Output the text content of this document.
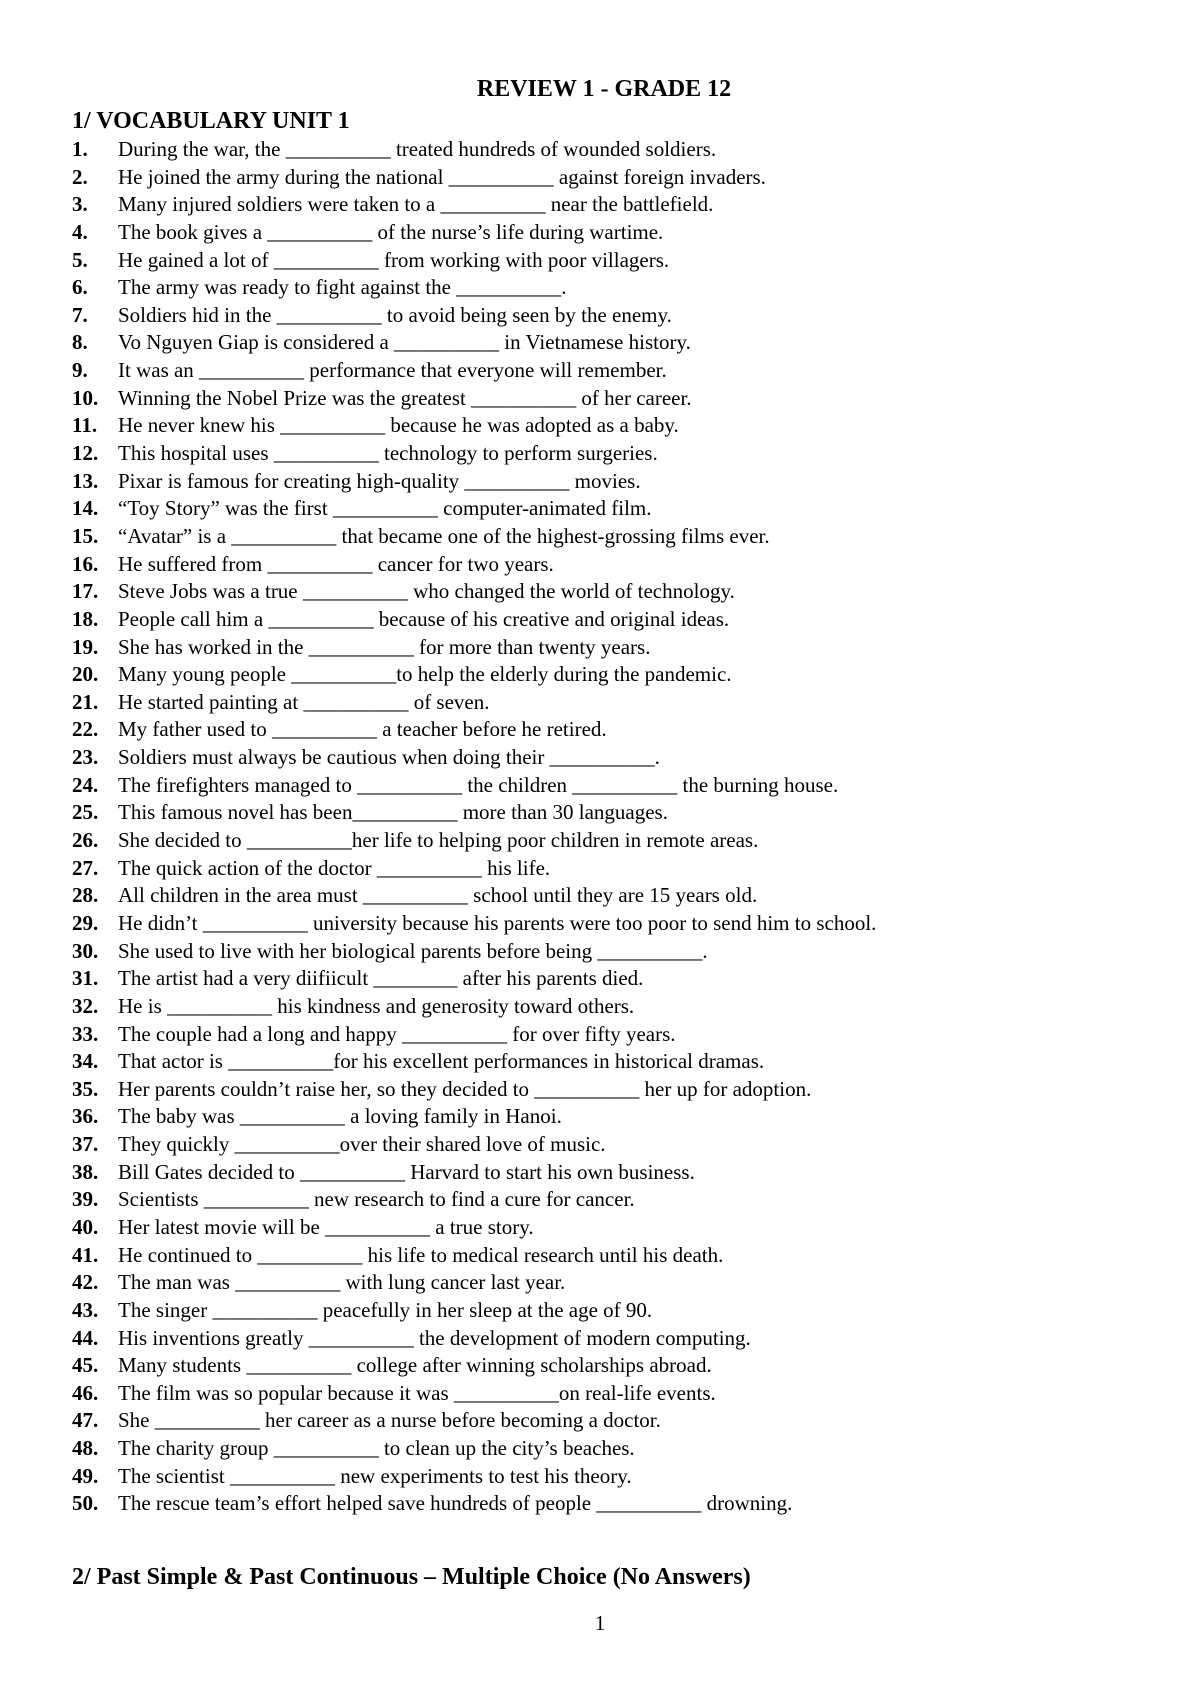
REVIEW 1 - GRADE 12
1/ VOCABULARY UNIT 1
1. During the war, the __________ treated hundreds of wounded soldiers.
2. He joined the army during the national __________ against foreign invaders.
3. Many injured soldiers were taken to a __________ near the battlefield.
4. The book gives a __________ of the nurse’s life during wartime.
5. He gained a lot of __________ from working with poor villagers.
6. The army was ready to fight against the __________.
7. Soldiers hid in the __________ to avoid being seen by the enemy.
8. Vo Nguyen Giap is considered a __________ in Vietnamese history.
9. It was an __________ performance that everyone will remember.
10. Winning the Nobel Prize was the greatest __________ of her career.
11. He never knew his __________ because he was adopted as a baby.
12. This hospital uses __________ technology to perform surgeries.
13. Pixar is famous for creating high-quality __________ movies.
14. “Toy Story” was the first __________ computer-animated film.
15. “Avatar” is a __________ that became one of the highest-grossing films ever.
16. He suffered from __________ cancer for two years.
17. Steve Jobs was a true __________ who changed the world of technology.
18. People call him a __________ because of his creative and original ideas.
19. She has worked in the __________ for more than twenty years.
20. Many young people __________to help the elderly during the pandemic.
21. He started painting at __________ of seven.
22. My father used to __________ a teacher before he retired.
23. Soldiers must always be cautious when doing their __________.
24. The firefighters managed to __________ the children __________ the burning house.
25. This famous novel has been__________ more than 30 languages.
26. She decided to __________her life to helping poor children in remote areas.
27. The quick action of the doctor __________ his life.
28. All children in the area must __________ school until they are 15 years old.
29. He didn’t __________ university because his parents were too poor to send him to school.
30. She used to live with her biological parents before being __________.
31. The artist had a very diifiicult ________ after his parents died.
32. He is __________ his kindness and generosity toward others.
33. The couple had a long and happy __________ for over fifty years.
34. That actor is __________for his excellent performances in historical dramas.
35. Her parents couldn’t raise her, so they decided to __________ her up for adoption.
36. The baby was __________ a loving family in Hanoi.
37. They quickly __________over their shared love of music.
38. Bill Gates decided to __________ Harvard to start his own business.
39. Scientists __________ new research to find a cure for cancer.
40. Her latest movie will be __________ a true story.
41. He continued to __________ his life to medical research until his death.
42. The man was __________ with lung cancer last year.
43. The singer __________ peacefully in her sleep at the age of 90.
44. His inventions greatly __________ the development of modern computing.
45. Many students __________ college after winning scholarships abroad.
46. The film was so popular because it was __________on real-life events.
47. She __________ her career as a nurse before becoming a doctor.
48. The charity group __________ to clean up the city’s beaches.
49. The scientist __________ new experiments to test his theory.
50. The rescue team’s effort helped save hundreds of people __________ drowning.
2/ Past Simple & Past Continuous – Multiple Choice (No Answers)
1
